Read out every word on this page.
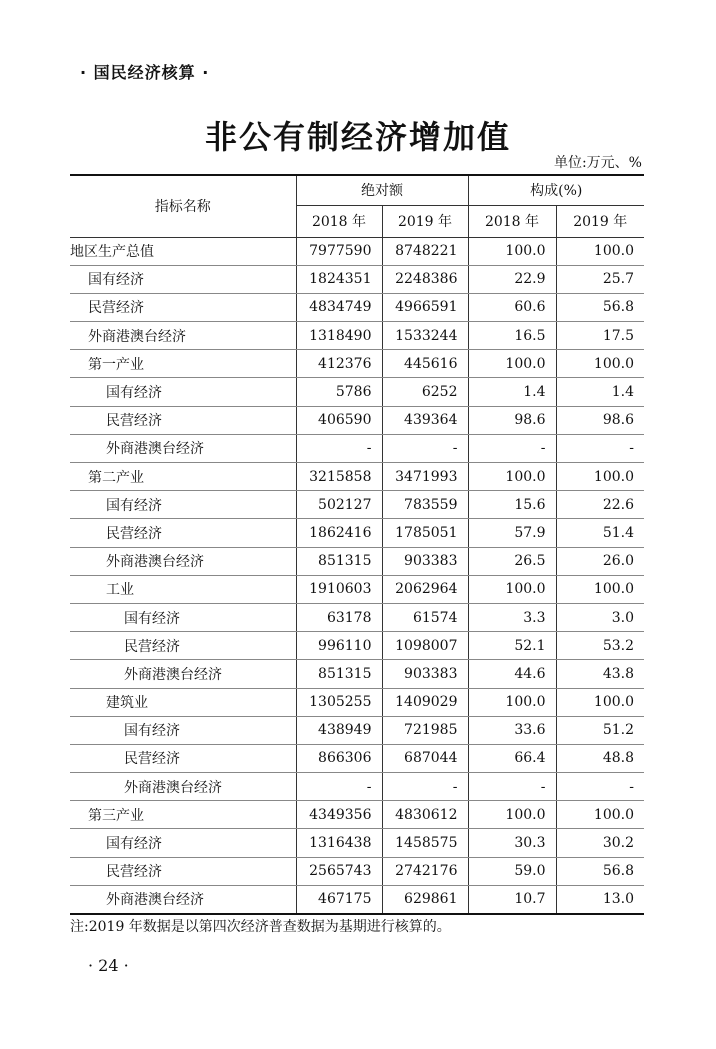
· 国民经济核算 ·
非公有制经济增加值
单位:万元、%
指标名称	绝对额		构成(%)	
	2018 年	2019 年	2018 年	2019 年
地区生产总值	7977590	8748221	100.0	100.0
国有经济	1824351	2248386	22.9	25.7
民营经济	4834749	4966591	60.6	56.8
外商港澳台经济	1318490	1533244	16.5	17.5
第一产业	412376	445616	100.0	100.0
国有经济	5786	6252	1.4	1.4
民营经济	406590	439364	98.6	98.6
外商港澳台经济	-	-	-	-
第二产业	3215858	3471993	100.0	100.0
国有经济	502127	783559	15.6	22.6
民营经济	1862416	1785051	57.9	51.4
外商港澳台经济	851315	903383	26.5	26.0
工业	1910603	2062964	100.0	100.0
国有经济	63178	61574	3.3	3.0
民营经济	996110	1098007	52.1	53.2
外商港澳台经济	851315	903383	44.6	43.8
建筑业	1305255	1409029	100.0	100.0
国有经济	438949	721985	33.6	51.2
民营经济	866306	687044	66.4	48.8
外商港澳台经济	-	-	-	-
第三产业	4349356	4830612	100.0	100.0
国有经济	1316438	1458575	30.3	30.2
民营经济	2565743	2742176	59.0	56.8
外商港澳台经济	467175	629861	10.7	13.0
注:2019 年数据是以第四次经济普查数据为基期进行核算的。
· 24 ·
